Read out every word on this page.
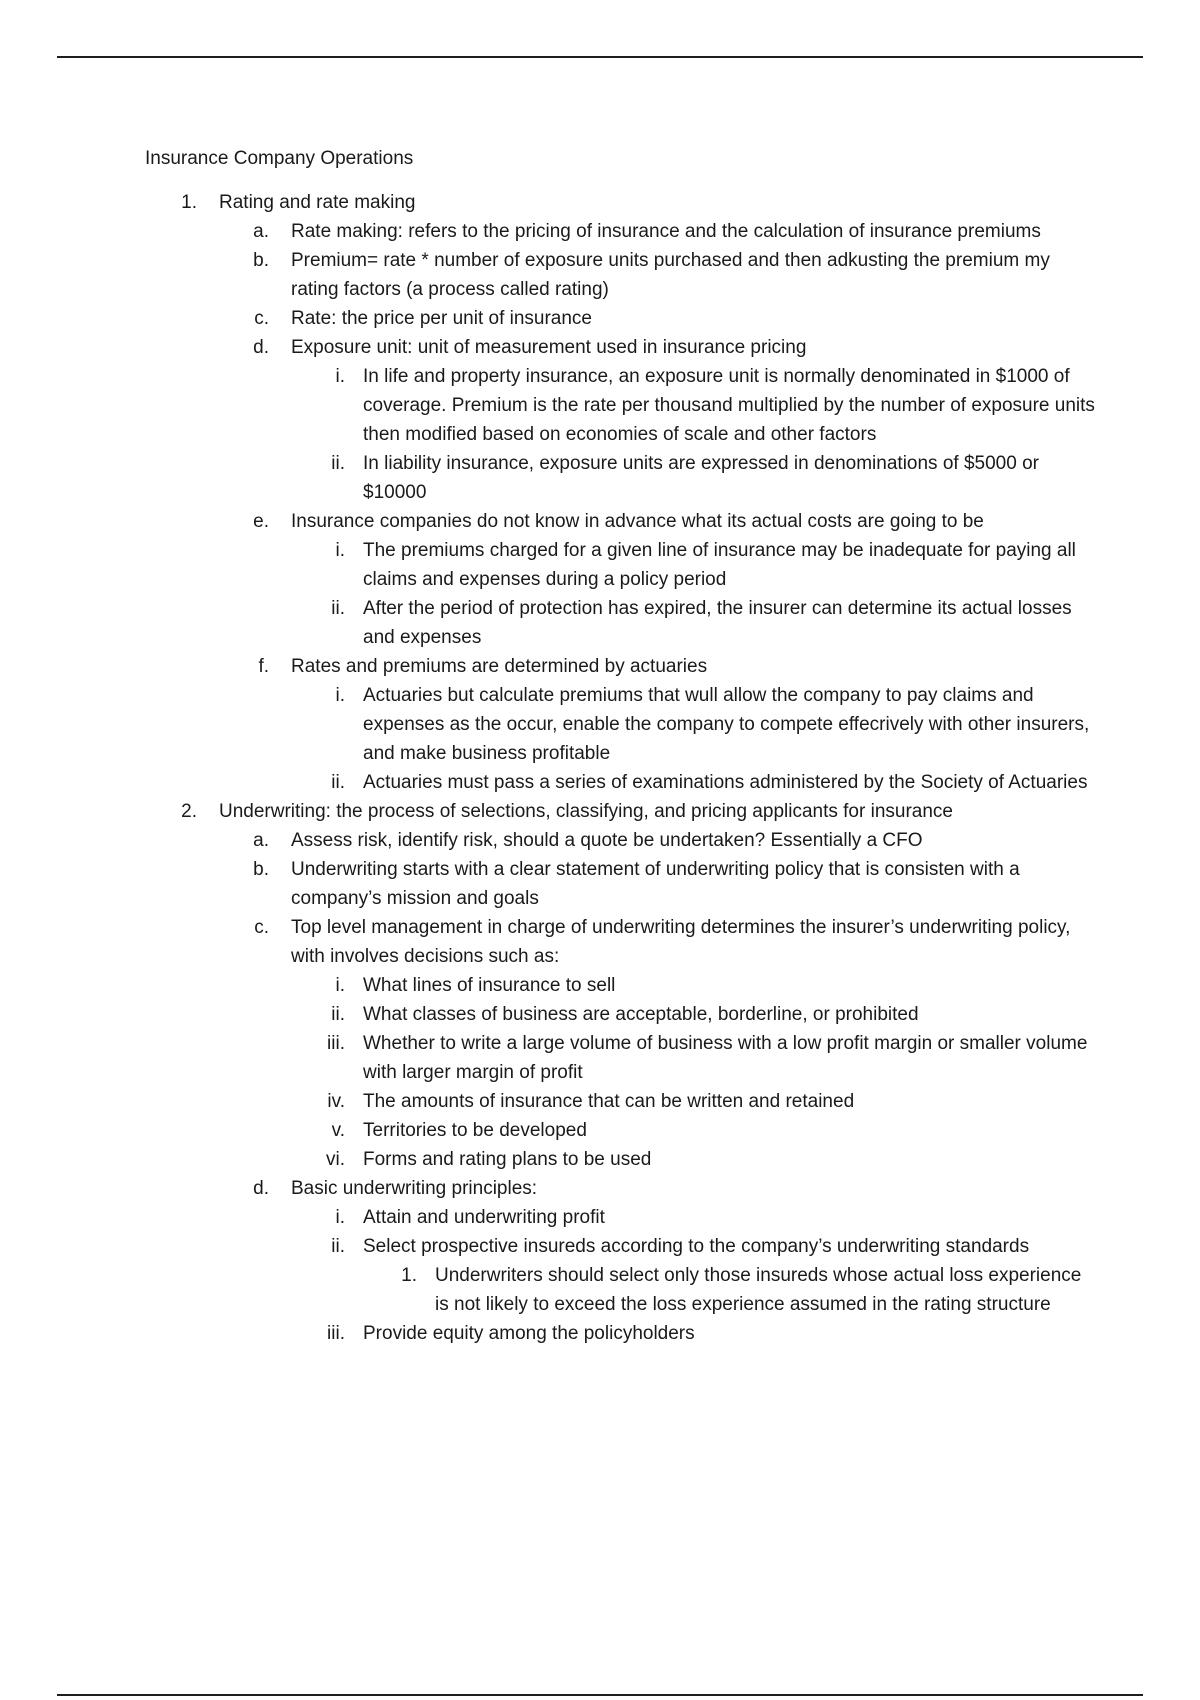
Insurance Company Operations
1. Rating and rate making
a. Rate making: refers to the pricing of insurance and the calculation of insurance premiums
b. Premium= rate * number of exposure units purchased and then adkusting the premium my rating factors (a process called rating)
c. Rate: the price per unit of insurance
d. Exposure unit: unit of measurement used in insurance pricing
i. In life and property insurance, an exposure unit is normally denominated in $1000 of coverage. Premium is the rate per thousand multiplied by the number of exposure units then modified based on economies of scale and other factors
ii. In liability insurance, exposure units are expressed in denominations of $5000 or $10000
e. Insurance companies do not know in advance what its actual costs are going to be
i. The premiums charged for a given line of insurance may be inadequate for paying all claims and expenses during a policy period
ii. After the period of protection has expired, the insurer can determine its actual losses and expenses
f. Rates and premiums are determined by actuaries
i. Actuaries but calculate premiums that wull allow the company to pay claims and expenses as the occur, enable the company to compete effecrively with other insurers, and make business profitable
ii. Actuaries must pass a series of examinations administered by the Society of Actuaries
2. Underwriting: the process of selections, classifying, and pricing applicants for insurance
a. Assess risk, identify risk, should a quote be undertaken? Essentially a CFO
b. Underwriting starts with a clear statement of underwriting policy that is consisten with a company’s mission and goals
c. Top level management in charge of underwriting determines the insurer’s underwriting policy, with involves decisions such as:
i. What lines of insurance to sell
ii. What classes of business are acceptable, borderline, or prohibited
iii. Whether to write a large volume of business with a low profit margin or smaller volume with larger margin of profit
iv. The amounts of insurance that can be written and retained
v. Territories to be developed
vi. Forms and rating plans to be used
d. Basic underwriting principles:
i. Attain and underwriting profit
ii. Select prospective insureds according to the company’s underwriting standards
1. Underwriters should select only those insureds whose actual loss experience is not likely to exceed the loss experience assumed in the rating structure
iii. Provide equity among the policyholders
